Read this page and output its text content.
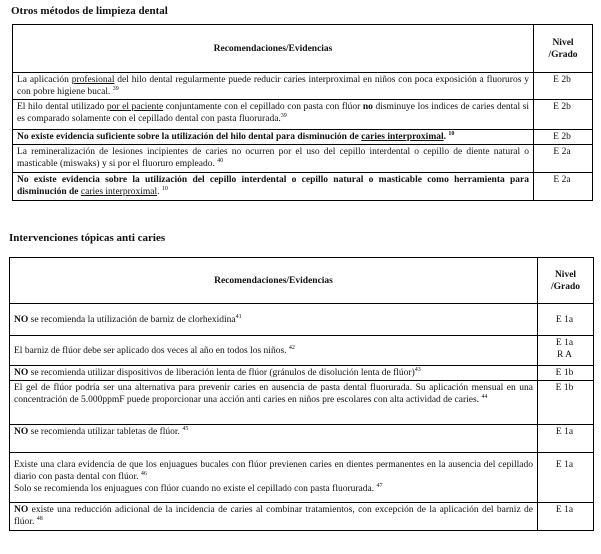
Otros métodos de limpieza dental
Recomendaciones/Evidencias	Nivel /Grado
La aplicación profesional del hilo dental regularmente puede reducir caries interproximal en niños con poca exposición a fluoruros y con pobre higiene bucal. $^{39}$	E 2b
El hilo dental utilizado por el paciente conjuntamente con el cepillado con pasta con flúor no disminuye los indices de caries dental si es comparado solamente con el cepillado dental con pasta fluorurada.$^{39}$	E 2b
No existe evidencia suficiente sobre la utilización del hilo dental para disminución de caries interproximal. $^{10}$	E 2b
La remineralización de lesiones incipientes de caries no ocurren por el uso del cepillo interdental o cepillo de diente natural o masticable (miswaks) y si por el fluoruro empleado. $^{40}$	E 2a
No existe evidencia sobre la utilización del cepillo interdental o cepillo natural o masticable como herramienta para disminución de caries interproximal. $^{10}$	E 2a
Intervenciones tópicas anti caries
Recomendaciones/Evidencias	Nivel /Grado
NO se recomienda la utilización de barniz de clorhexidina$^{41}$	E 1a
El barniz de flúor debe ser aplicado dos veces al año en todos los niños. $^{42}$	E 1a
R A
NO se recomienda utilizar dispositivos de liberación lenta de flúor (gránulos de disolución lenta de flúor)$^{43}$	E 1b
El gel de flúor podría ser una alternativa para prevenir caries en ausencia de pasta dental fluorurada. Su aplicación mensual en una concentración de 5.000ppmF puede proporcionar una acción anti caries en niños pre escolares con alta actividad de caries. $^{44}$	E 1b
NO se recomienda utilizar tabletas de flúor. $^{45}$	E 1a
Existe una clara evidencia de que los enjuagues bucales con flúor previenen caries en dientes permanentes en la ausencia del cepillado diario con pasta dental con flúor. $^{46}$
Solo se recomienda los enjuagues con flúor cuando no existe el cepillado con pasta fluorurada. $^{47}$	E 1a
NO existe una reducción adicional de la incidencia de caries al combinar tratamientos, con excepción de la aplicación del barniz de flúor. $^{48}$	E 1a
